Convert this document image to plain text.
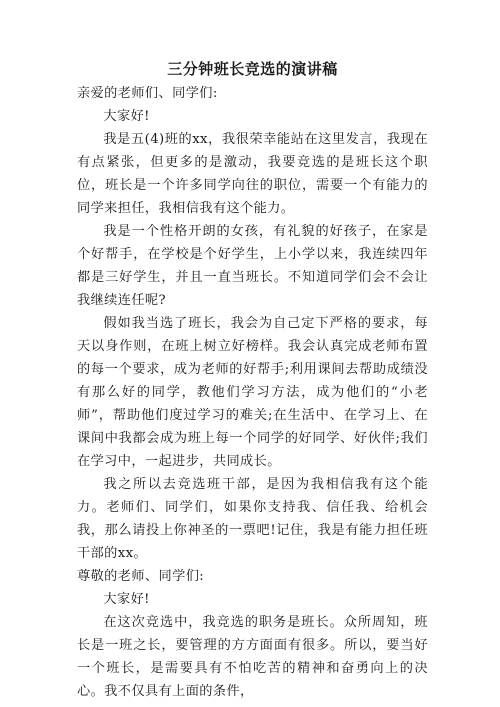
三分钟班长竞选的演讲稿

亲爱的老师们、同学们:

大家好!

我是五(4)班的xx，我很荣幸能站在这里发言，我现在有点紧张，但更多的是激动，我要竞选的是班长这个职位，班长是一个许多同学向往的职位，需要一个有能力的同学来担任，我相信我有这个能力。

我是一个性格开朗的女孩，有礼貌的好孩子，在家是个好帮手，在学校是个好学生，上小学以来，我连续四年都是三好学生，并且一直当班长。不知道同学们会不会让我继续连任呢?

假如我当选了班长，我会为自己定下严格的要求，每天以身作则，在班上树立好榜样。我会认真完成老师布置的每一个要求，成为老师的好帮手;利用课间去帮助成绩没有那么好的同学，教他们学习方法，成为他们的“小老师”，帮助他们度过学习的难关;在生活中、在学习上、在课间中我都会成为班上每一个同学的好同学、好伙伴;我们在学习中，一起进步，共同成长。

我之所以去竞选班干部，是因为我相信我有这个能力。老师们、同学们，如果你支持我、信任我、给机会我，那么请投上你神圣的一票吧!记住，我是有能力担任班干部的xx。

尊敬的老师、同学们:

大家好!

在这次竞选中，我竞选的职务是班长。众所周知，班长是一班之长，要管理的方方面面有很多。所以，要当好一个班长，是需要具有不怕吃苦的精神和奋勇向上的决心。我不仅具有上面的条件，
